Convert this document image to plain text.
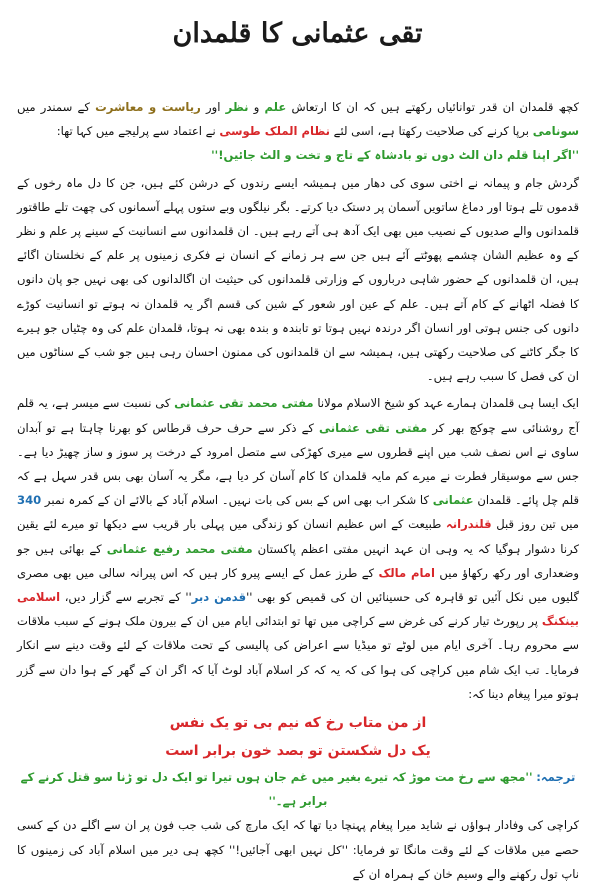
تقی عثمانی کا قلمدان

کچھ قلمدان ان قدر توانائیاں رکھتے ہیں کہ ان کا ارتعاش علم و نظر اور ریاست و معاشرت کے سمندر میں سونامی برپا کرنے کی صلاحیت رکھتا ہے، اسی لئے نظام الملک طوسی نے اعتماد سے پرلیجے میں کہا تھا:

''اگر اپنا قلم دان الٹ دوں تو بادشاہ کے تاج و تخت و الٹ جائیں!''

گردش جام و پیمانہ نے اختی سوی کی دھار میں ہمیشہ ایسے رندوں کے درشن کئے ہیں، جن کا دل ماہ رخوں کے قدموں تلے ہوتا اور دماغ ساتویں آسمان پر دستک دیا کرتے۔ بگر نیلگوں وبے ستوں پہلے آسمانوں کی چھت تلے طاقتور قلمدانوں والے صدیوں کے نصیب میں بھی ایک آدھ ہی آتے رہے ہیں۔ ان قلمدانوں سے انسانیت کے سینے پر علم و نظر کے وہ عظیم الشان چشمے پھوٹتے آئے ہیں جن سے ہر زمانے کے انسان نے فکری زمینوں پر علم کے نخلستان اگائے ہیں، ان قلمدانوں کے حضور شاہی درباروں کے وزارتی قلمدانوں کی حیثیت ان اگالدانوں کی بھی نہیں جو پان دانوں کا فضلہ اٹھانے کے کام آتے ہیں۔ علم کے عین اور شعور کے شین کی قسم اگر یہ قلمدان نہ ہوتے تو انسانیت کوڑے دانوں کی جنس ہوتی اور انسان اگر درندہ نہیں ہوتا تو تابندہ و بندہ بھی نہ ہوتا، قلمدان علم کی وہ چٹیاں جو ہیرے کا جگر کاٹنے کی صلاحیت رکھتی ہیں، ہمیشہ سے ان قلمدانوں کی ممنون احسان رہی ہیں جو شب کے سناٹوں میں ان کی فصل کا سبب رہے ہیں۔

ایک ایسا ہی قلمدان ہمارے عہد کو شیخ الاسلام مولانا مفتی محمد تقی عثمانی کی نسبت سے میسر ہے، یہ قلم آج روشنائی سے چوکچ بھر کر مفتی تقی عثمانی کے ذکر سے حرف حرف قرطاس کو بھرنا چاہتا ہے تو آبدان ساوی نے اس نصف شب میں اپنے قطروں سے میری کھڑکی سے متصل امرود کے درخت پر سوز و ساز چھیڑ دیا ہے۔ جس سے موسیقار فطرت نے میرے کم مایہ قلمدان کا کام آسان کر دیا ہے، مگر یہ آسان بھی بس قدر سہل ہے کہ قلم چل پائے۔ قلمدان عثمانی کا شکر اب بھی اس کے بس کی بات نہیں۔ اسلام آباد کے بالائے ان کے کمرہ نمبر 340 میں تین روز قبل قلندرانہ طبیعت کے اس عظیم انسان کو زندگی میں پہلی بار قریب سے دیکھا تو میرے لئے یقین کرنا دشوار ہوگیا کہ یہ وہی ان عہد انہیں مفتی اعظم پاکستان مفتی محمد رفیع عثمانی کے بھائی ہیں جو وضعداری اور رکھ رکھاؤ میں امام مالک کے طرز عمل کے ایسے پیرو کار ہیں کہ اس پیرانہ سالی میں بھی مصری گلیوں میں نکل آئیں تو قاہرہ کی حسینائیں ان کی قمیص کو بھی ''قدمن دبر'' کے تجربے سے گزار دیں، اسلامی بینکنگ پر رپورٹ تیار کرنے کی غرض سے کراچی میں تھا تو ابتدائی ایام میں ان کے بیرون ملک ہونے کے سبب ملاقات سے محروم رہا۔ آخری ایام میں لوٹے تو میڈیا سے اعراض کی پالیسی کے تحت ملاقات کے لئے وقت دینے سے انکار فرمایا۔ تب ایک شام میں کراچی کی ہوا کی کہ یہ کہ کر اسلام آباد لوٹ آیا کہ اگر ان کے گھر کے ہوا دان سے گزر ہوتو میرا پیغام دینا کہ:

از من متاب رخ که نیم بی تو یک نفس
یک دل شکستن تو بصد خون برابر است

ترجمہ: ''مجھ سے رخ مت موڑ کہ تیرے بغیر میں غم جان ہوں تیرا تو ایک دل تو ڑنا سو قتل کرنے کے برابر ہے۔''

کراچی کی وفادار ہواؤں نے شاید میرا پیغام پہنچا دیا تھا کہ ایک مارچ کی شب جب فون پر ان سے اگلے دن کے کسی حصے میں ملاقات کے لئے وقت مانگا تو فرمایا: ''کل نہیں ابھی آجائیں!'' کچھ ہی دیر میں اسلام آباد کی زمینوں کا ناپ تول رکھنے والے وسیم خان کے ہمراہ ان کے
